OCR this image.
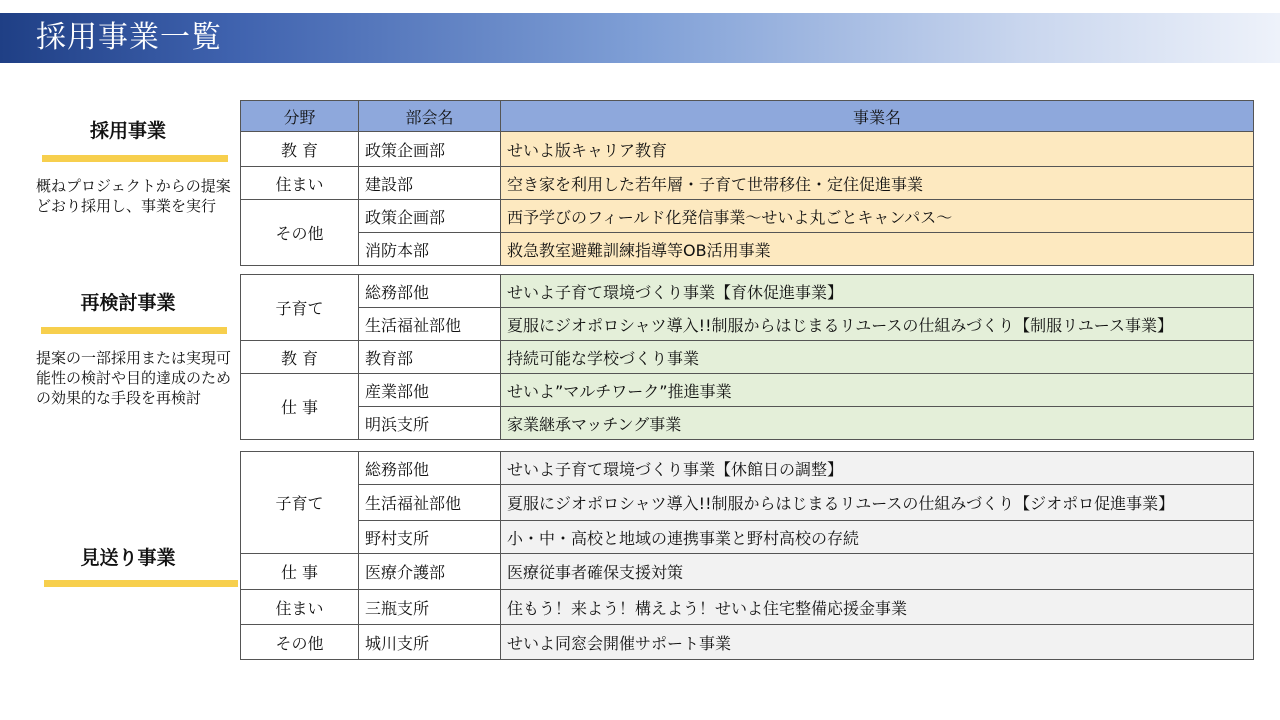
採用事業一覧
採用事業
概ねプロジェクトからの提案どおり採用し、事業を実行
再検討事業
提案の一部採用または実現可能性の検討や目的達成のための効果的な手段を再検討
見送り事業
分野	部会名	事業名
教 育	政策企画部	せいよ版キャリア教育
住まい	建設部	空き家を利用した若年層・子育て世帯移住・定住促進事業
その他	政策企画部	西予学びのフィールド化発信事業～せいよ丸ごとキャンパス～
	消防本部	救急教室避難訓練指導等OB活用事業
子育て	総務部他	せいよ子育て環境づくり事業【育休促進事業】
	生活福祉部他	夏服にジオポロシャツ導入!!制服からはじまるリユースの仕組みづくり【制服リユース事業】
教 育	教育部	持続可能な学校づくり事業
仕 事	産業部他	せいよ”マルチワーク”推進事業
	明浜支所	家業継承マッチング事業
子育て	総務部他	せいよ子育て環境づくり事業【休館日の調整】
	生活福祉部他	夏服にジオポロシャツ導入!!制服からはじまるリユースの仕組みづくり【ジオポロ促進事業】
	野村支所	小・中・高校と地域の連携事業と野村高校の存続
仕 事	医療介護部	医療従事者確保支援対策
住まい	三瓶支所	住もう！来よう！構えよう！せいよ住宅整備応援金事業
その他	城川支所	せいよ同窓会開催サポート事業
